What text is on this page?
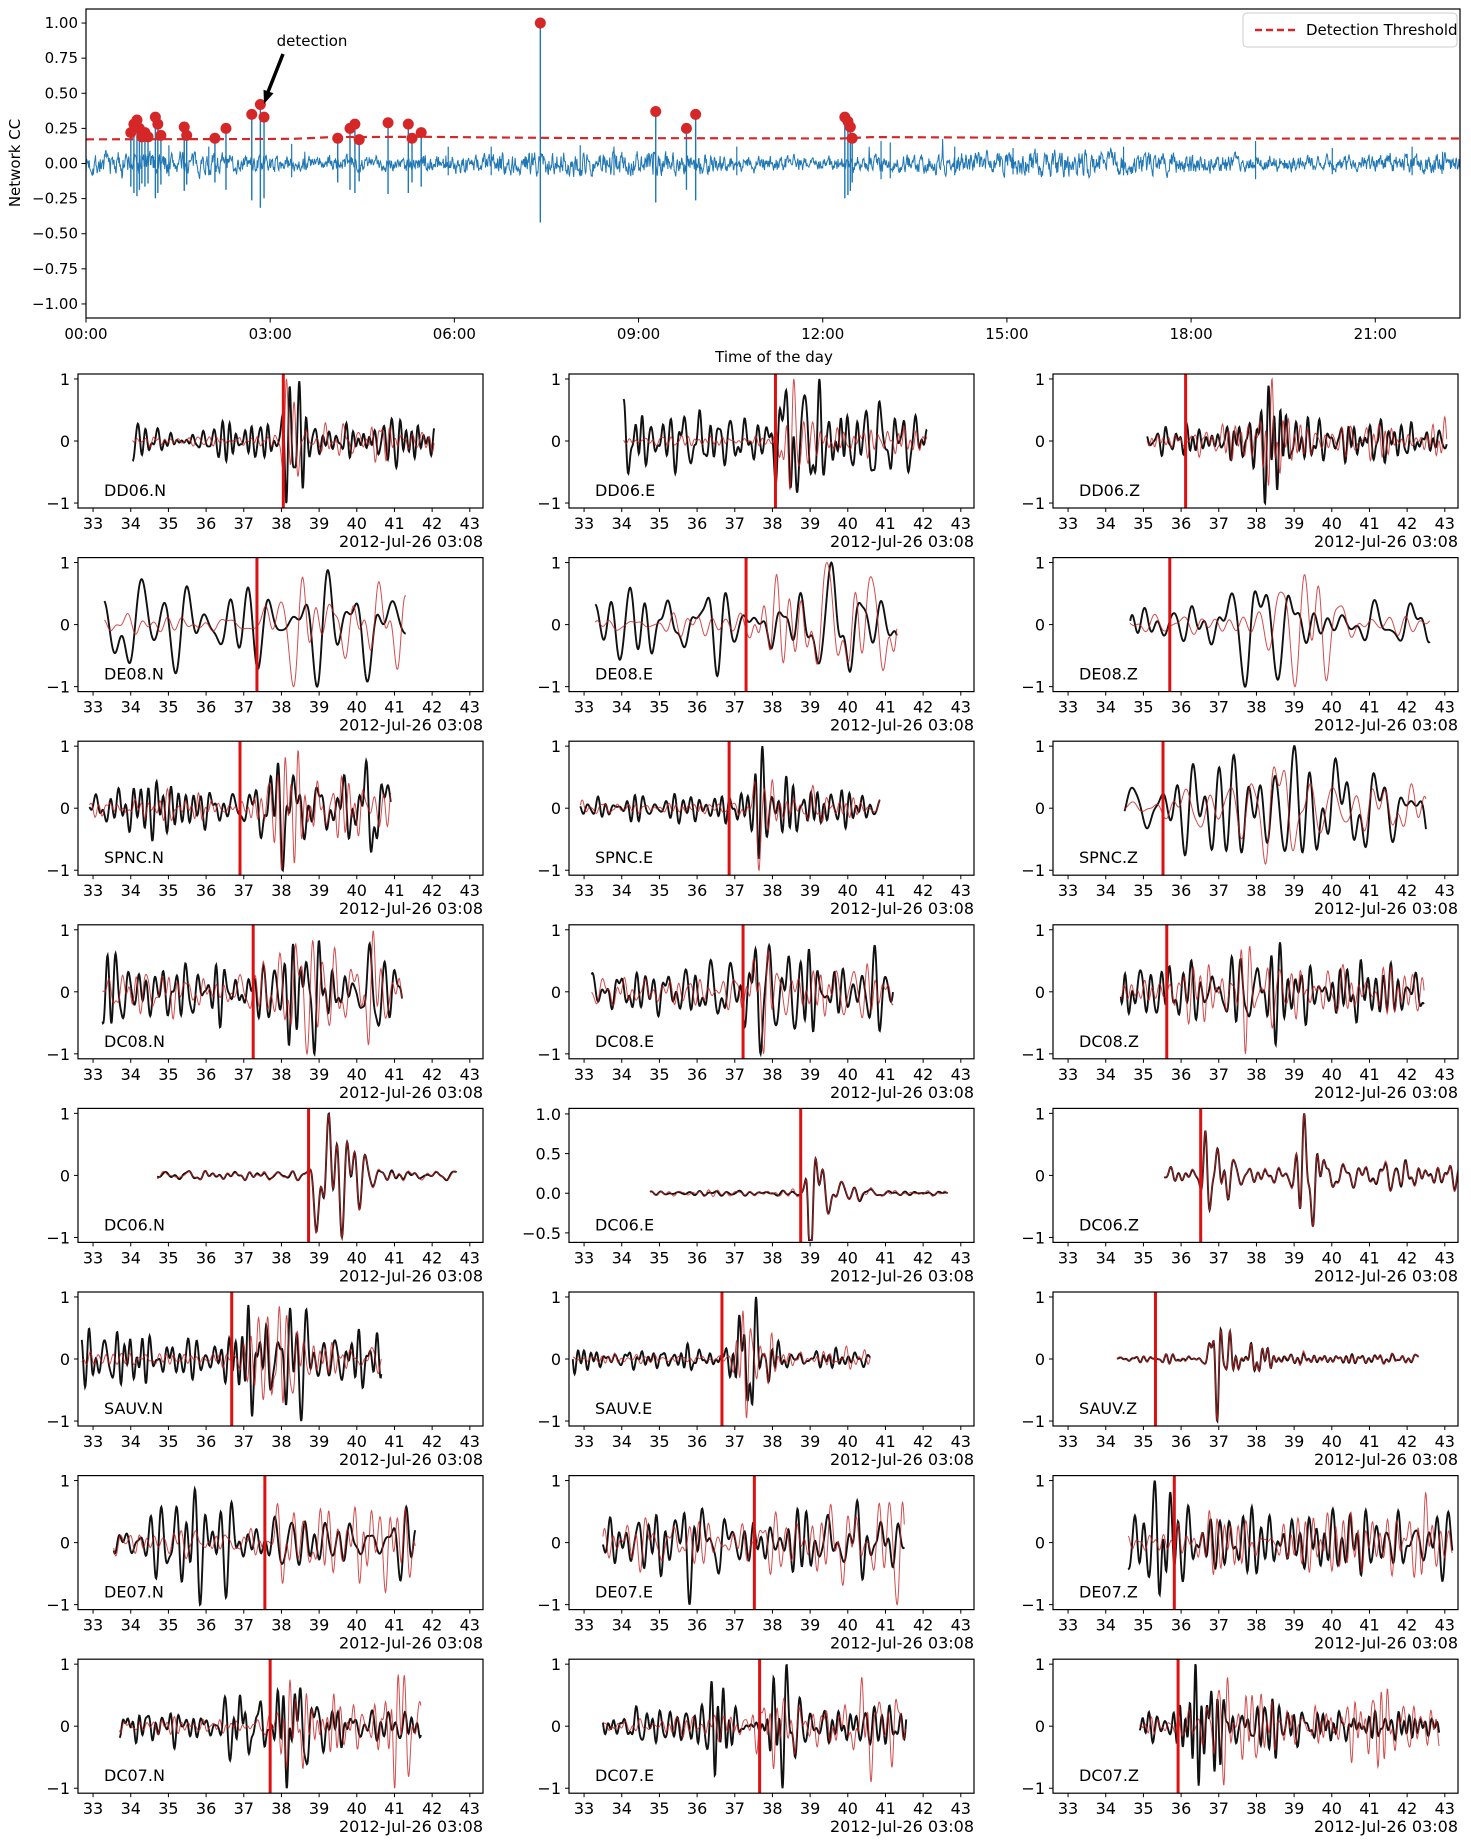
00:00	03:00	06:00	09:00	12:00	15:00	18:00	21:00
1.00
0.75
0.50
0.25
0.00
−0.25
−0.50
−0.75
−1.00
33 34 35 36 37 38 39 40 41 42 43
1
0
−1
DD06.N
2012-Jul-26 03:08
33 34 35 36 37 38 39 40 41 42 43
1
0
−1
DD06.E
2012-Jul-26 03:08
33 34 35 36 37 38 39 40 41 42 43
1
0
−1
DD06.Z
2012-Jul-26 03:08
33 34 35 36 37 38 39 40 41 42 43
1
0
−1
DE08.N
2012-Jul-26 03:08
33 34 35 36 37 38 39 40 41 42 43
1
0
−1
DE08.E
2012-Jul-26 03:08
33 34 35 36 37 38 39 40 41 42 43
1
0
−1
DE08.Z
2012-Jul-26 03:08
33 34 35 36 37 38 39 40 41 42 43
1
0
−1
SPNC.N
2012-Jul-26 03:08
33 34 35 36 37 38 39 40 41 42 43
1
0
−1
SPNC.E
2012-Jul-26 03:08
33 34 35 36 37 38 39 40 41 42 43
1
0
−1
SPNC.Z
2012-Jul-26 03:08
33 34 35 36 37 38 39 40 41 42 43
1
0
−1
DC08.N
2012-Jul-26 03:08
33 34 35 36 37 38 39 40 41 42 43
1
0
−1
DC08.E
2012-Jul-26 03:08
33 34 35 36 37 38 39 40 41 42 43
1
0
−1
DC08.Z
2012-Jul-26 03:08
33 34 35 36 37 38 39 40 41 42 43
1
0
−1
DC06.N
2012-Jul-26 03:08
33 34 35 36 37 38 39 40 41 42 43
1.0
0.5
0.0
−0.5 DC06.E
2012-Jul-26 03:08
33 34 35 36 37 38 39 40 41 42 43
1
0
−1
DC06.Z
2012-Jul-26 03:08
33 34 35 36 37 38 39 40 41 42 43
1
0
−1
SAUV.N
2012-Jul-26 03:08
33 34 35 36 37 38 39 40 41 42 43
1
0
−1
SAUV.E
2012-Jul-26 03:08
33 34 35 36 37 38 39 40 41 42 43
1
0
−1
SAUV.Z
2012-Jul-26 03:08
33 34 35 36 37 38 39 40 41 42 43
1
0
−1
DE07.N
2012-Jul-26 03:08
33 34 35 36 37 38 39 40 41 42 43
1
0
−1
DE07.E
2012-Jul-26 03:08
33 34 35 36 37 38 39 40 41 42 43
1
0
−1
DE07.Z
2012-Jul-26 03:08
33 34 35 36 37 38 39 40 41 42 43
1
0
−1
DC07.N
2012-Jul-26 03:08
33 34 35 36 37 38 39 40 41 42 43
1
0
−1
DC07.E
2012-Jul-26 03:08
33 34 35 36 37 38 39 40 41 42 43
1
0
−1
DC07.Z
2012-Jul-26 03:08
Network CC
Time of the day
Detection Threshold
detection
